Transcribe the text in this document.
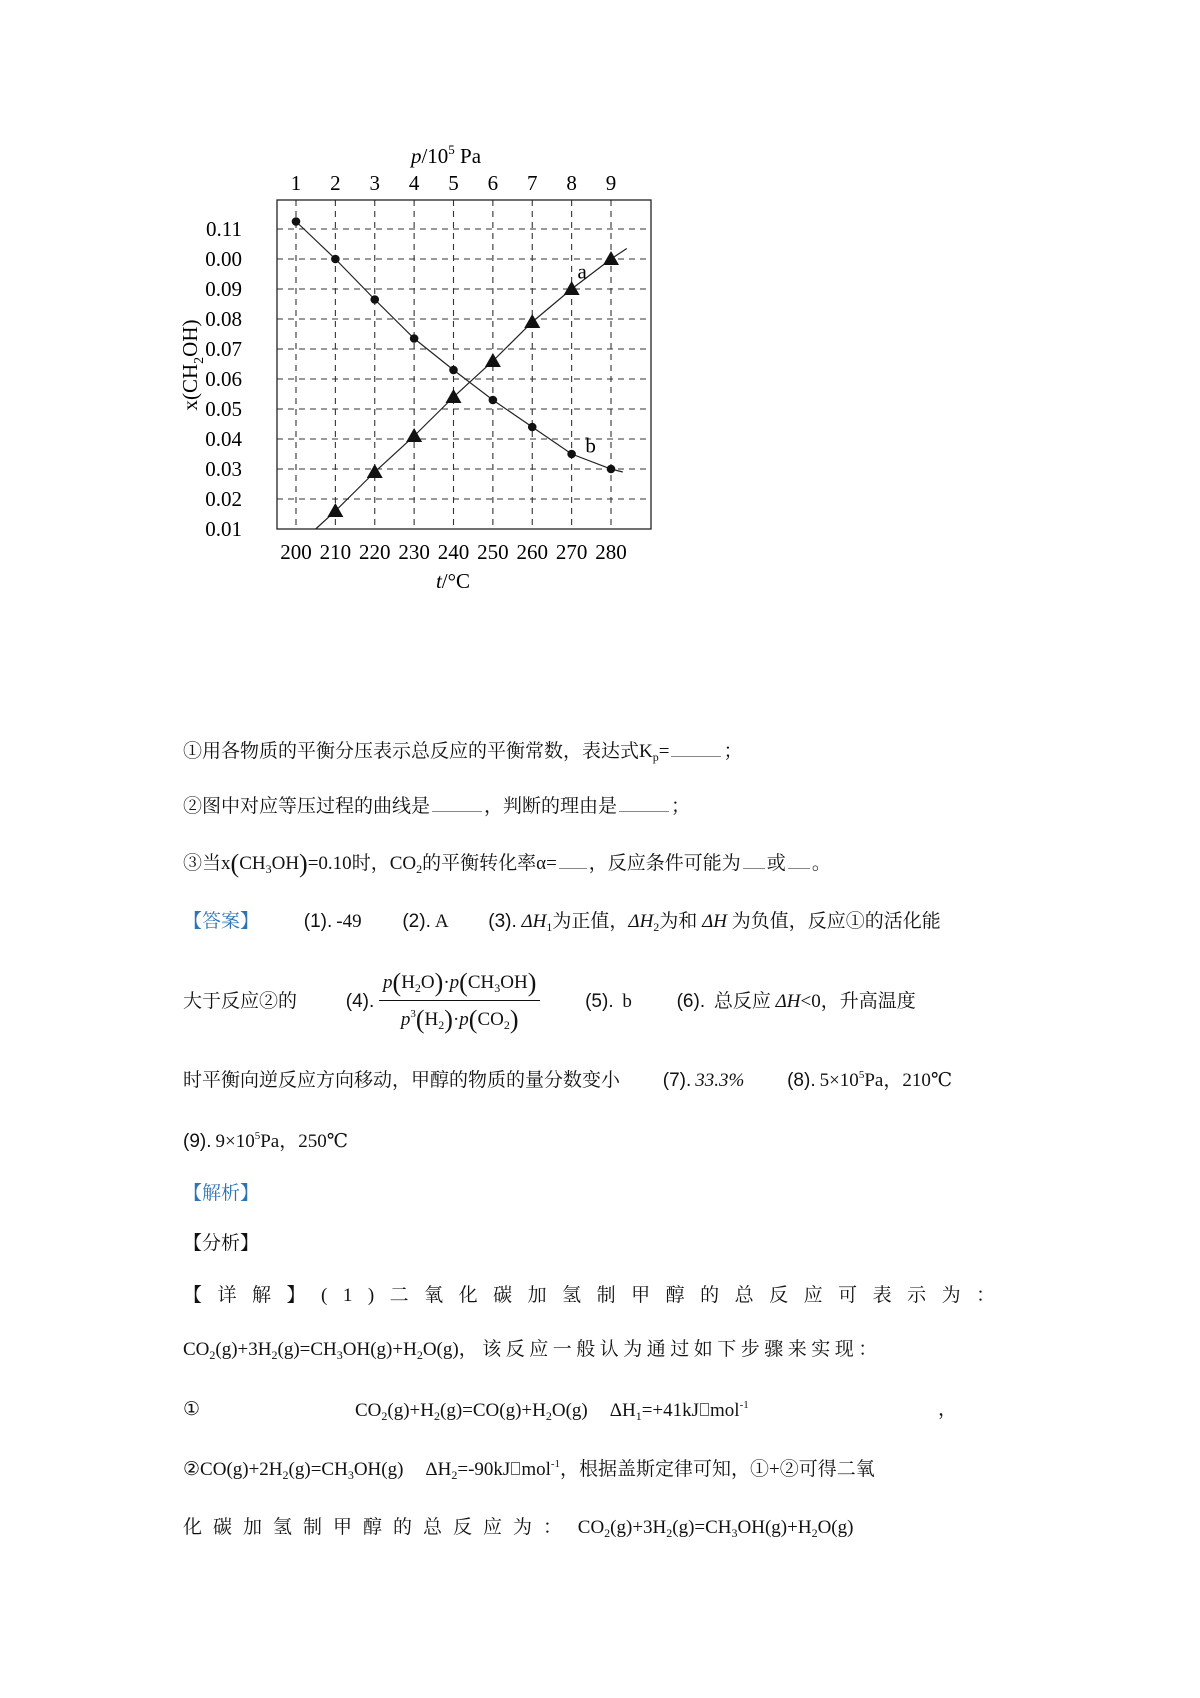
0.01
0.02
0.03
0.04
0.05
0.06
0.07
0.08
0.09
0.00
0.11
200 210 220 230 240 250 260 270 280
1 2 3 4 5 6 7 8 9
a
b
$p/10^5$ Pa
t/°C
$x(CH_2OH)$
①用各物质的平衡分压表示总反应的平衡常数，表达式$K_p=$	；
②图中对应等压过程的曲线是	，判断的理由是	；
③当$x(CH_3OH)=0.10$时，$CO_2$的平衡转化率α= ，反应条件可能为 或 。
【答案】 (1). -49 (2). A (3). $\Delta H_1$为正值，$\Delta H_2$为和 ΔH 为负值，反应①的活化能
大于反应②的	(4). $\frac{p(H_2O)\cdot p(CH_3OH)}{p^3(H_2)\cdot p(CO_2)} (5)$. b (6). 总反应 ΔH<0，升高温度
时平衡向逆反应方向移动，甲醇的物质的量分数变小 (7). 33.3% (8). $5\times 10^5Pa$，210℃
(9). $9\times 10^5Pa$，250℃
【解析】
【分析】
【详解】(1)二氧化碳加氢制甲醇的总反应可表示为：
$CO_2(g)+3H_2(g)=CH_3OH(g)+H_2O(g)$，该反应一般认为通过如下步骤来实现：
①	$CO_2(g)+H_2(g)=CO(g)+H_2O(g)$ $\Delta H_1=+41kJ$ mol$^{-1}$	，
$②CO(g)+2H_2(g)=CH_3OH(g)$ $\Delta H_2=-90kJ$ mol$^{-1}$，根据盖斯定律可知，①+②可得二氧
化碳加氢制甲醇的总反应为： $CO_2(g)+3H_2(g)=CH_3OH(g)+H_2O(g)$
